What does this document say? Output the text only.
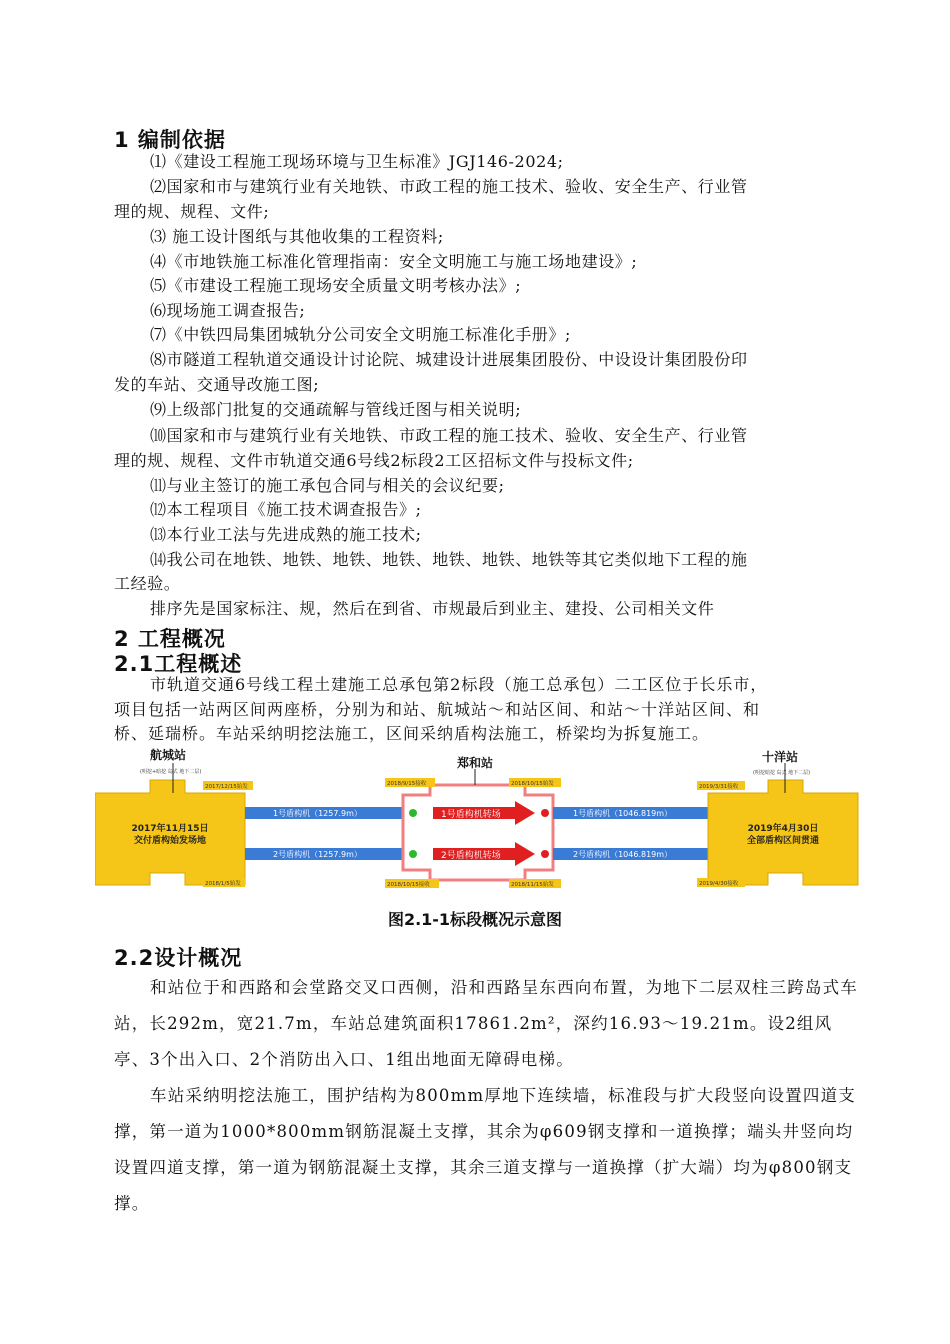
1 编制依据
⑴《建设工程施工现场环境与卫生标准》JGJ146-2024;
⑵国家和市与建筑行业有关地铁、市政工程的施工技术、验收、安全生产、行业管
理的规、规程、文件;
⑶ 施工设计图纸与其他收集的工程资料;
⑷《市地铁施工标准化管理指南：安全文明施工与施工场地建设》;
⑸《市建设工程施工现场安全质量文明考核办法》;
⑹现场施工调查报告;
⑺《中铁四局集团城轨分公司安全文明施工标准化手册》;
⑻市隧道工程轨道交通设计讨论院、城建设计进展集团股份、中设设计集团股份印
发的车站、交通导改施工图;
⑼上级部门批复的交通疏解与管线迁图与相关说明;
⑽国家和市与建筑行业有关地铁、市政工程的施工技术、验收、安全生产、行业管
理的规、规程、文件市轨道交通6号线2标段2工区招标文件与投标文件;
⑾与业主签订的施工承包合同与相关的会议纪要;
⑿本工程项目《施工技术调查报告》;
⒀本行业工法与先进成熟的施工技术;
⒁我公司在地铁、地铁、地铁、地铁、地铁、地铁、地铁等其它类似地下工程的施
工经验。
排序先是国家标注、规，然后在到省、市规最后到业主、建投、公司相关文件
2 工程概况
2.1工程概述
市轨道交通6号线工程土建施工总承包第2标段（施工总承包）二工区位于长乐市，
项目包括一站两区间两座桥，分别为和站、航城站～和站区间、和站～十洋站区间、和
桥、延瑞桥。车站采纳明挖法施工，区间采纳盾构法施工，桥梁均为拆复施工。
航城站
(明挖+暗挖 岛式 地下二层)
2017年11月15日
交付盾构始发场地
2017/12/15始发
2018/1/5始发
1号盾构机（1257.9m）
2号盾构机（1257.9m）
郑和站
2018/9/15接收	2018/10/15始发
2018/10/15接收	2018/11/15始发
1号盾构机转场
2号盾构机转场
1号盾构机（1046.819m）
2号盾构机（1046.819m）
十洋站
(明挖暗挖 岛式 地下二层)
2019年4月30日
全部盾构区间贯通
2019/3/31接收
2019/4/30接收
图2.1-1标段概况示意图
2.2设计概况
和站位于和西路和会堂路交叉口西侧，沿和西路呈东西向布置，为地下二层双柱三跨岛式车站，长292m，宽21.7m，车站总建筑面积17861.2m²，深约16.93～19.21m。设2组风亭、3个出入口、2个消防出入口、1组出地面无障碍电梯。
车站采纳明挖法施工，围护结构为800mm厚地下连续墙，标准段与扩大段竖向设置四道支撑，第一道为1000*800mm钢筋混凝土支撑，其余为φ609钢支撑和一道换撑；端头井竖向均设置四道支撑，第一道为钢筋混凝土支撑，其余三道支撑与一道换撑（扩大端）均为φ800钢支撑。
